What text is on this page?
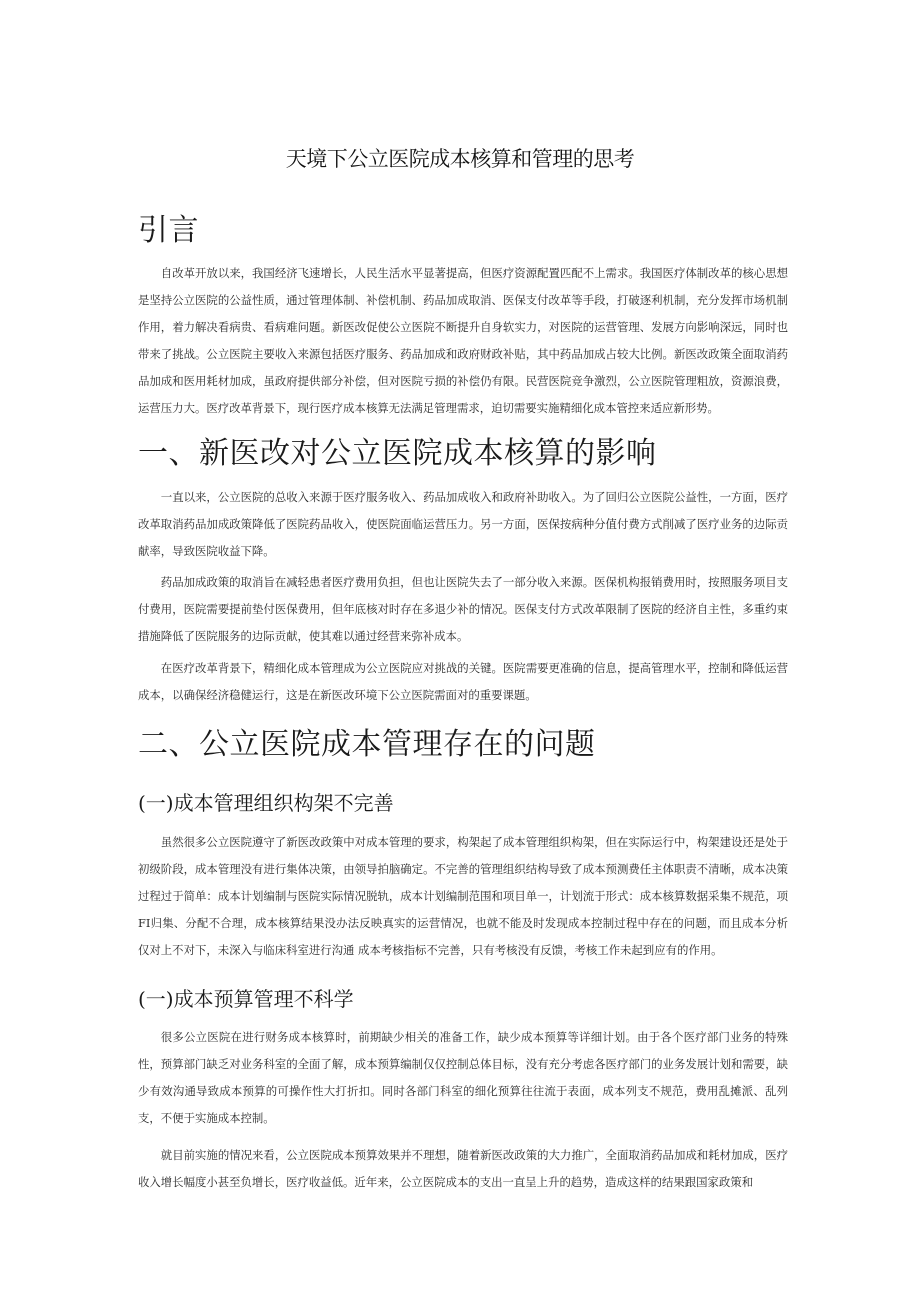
天境下公立医院成本核算和管理的思考
引言

自改革开放以来，我国经济飞速增长，人民生活水平显著提高，但医疗资源配置匹配不上需求。我国医疗体制改革的核心思想是坚持公立医院的公益性质，通过管理体制、补偿机制、药品加成取消、医保支付改革等手段，打破逐利机制，充分发挥市场机制作用，着力解决看病贵、看病难问题。新医改促使公立医院不断提升自身软实力，对医院的运营管理、发展方向影响深远，同时也带来了挑战。公立医院主要收入来源包括医疗服务、药品加成和政府财政补贴，其中药品加成占较大比例。新医改政策全面取消药品加成和医用耗材加成，虽政府提供部分补偿，但对医院亏损的补偿仍有限。民营医院竞争激烈，公立医院管理粗放，资源浪费，运营压力大。医疗改革背景下，现行医疗成本核算无法满足管理需求，迫切需要实施精细化成本管控来适应新形势。

一、新医改对公立医院成本核算的影响

一直以来，公立医院的总收入来源于医疗服务收入、药品加成收入和政府补助收入。为了回归公立医院公益性，一方面，医疗改革取消药品加成政策降低了医院药品收入，使医院面临运营压力。另一方面，医保按病种分值付费方式削减了医疗业务的边际贡献率，导致医院收益下降。

药品加成政策的取消旨在减轻患者医疗费用负担，但也让医院失去了一部分收入来源。医保机构报销费用时，按照服务项目支付费用，医院需要提前垫付医保费用，但年底核对时存在多退少补的情况。医保支付方式改革限制了医院的经济自主性，多重约束措施降低了医院服务的边际贡献，使其难以通过经营来弥补成本。

在医疗改革背景下，精细化成本管理成为公立医院应对挑战的关键。医院需要更准确的信息，提高管理水平，控制和降低运营成本，以确保经济稳健运行，这是在新医改环境下公立医院需面对的重要课题。

二、公立医院成本管理存在的问题
(一)成本管理组织构架不完善

虽然很多公立医院遵守了新医改政策中对成本管理的要求，构架起了成本管理组织构架，但在实际运行中，构架建设还是处于初级阶段，成本管理没有进行集体决策，由领导拍脑确定。不完善的管理组织结构导致了成本预测费任主体职责不清晰，成本决策过程过于简单：成本计划编制与医院实际情况脱轨，成本计划编制范围和项目单一，计划流于形式：成本核算数据采集不规范，项FI归集、分配不合理，成本核算结果没办法反映真实的运营情况，也就不能及时发现成本控制过程中存在的问题，而且成本分析仅对上不对下，未深入与临床科室进行沟通 成本考核指标不完善，只有考核没有反馈，考核工作未起到应有的作用。

(一)成本预算管理不科学

很多公立医院在进行财务成本核算时，前期缺少相关的准备工作，缺少成本预算等详细计划。由于各个医疗部门业务的特殊性，预算部门缺乏对业务科室的全面了解，成本预算编制仅仅控制总体目标，没有充分考虑各医疗部门的业务发展计划和需要，缺少有效沟通导致成本预算的可操作性大打折扣。同时各部门科室的细化预算往往流于表面，成本列支不规范，费用乱摊派、乱列支，不便于实施成本控制。

就目前实施的情况来看，公立医院成本预算效果并不理想，随着新医改政策的大力推广，全面取消药品加成和耗材加成，医疗收入增长幅度小甚至负增长，医疗收益低。近年来，公立医院成本的支出一直呈上升的趋势，造成这样的结果跟国家政策和
